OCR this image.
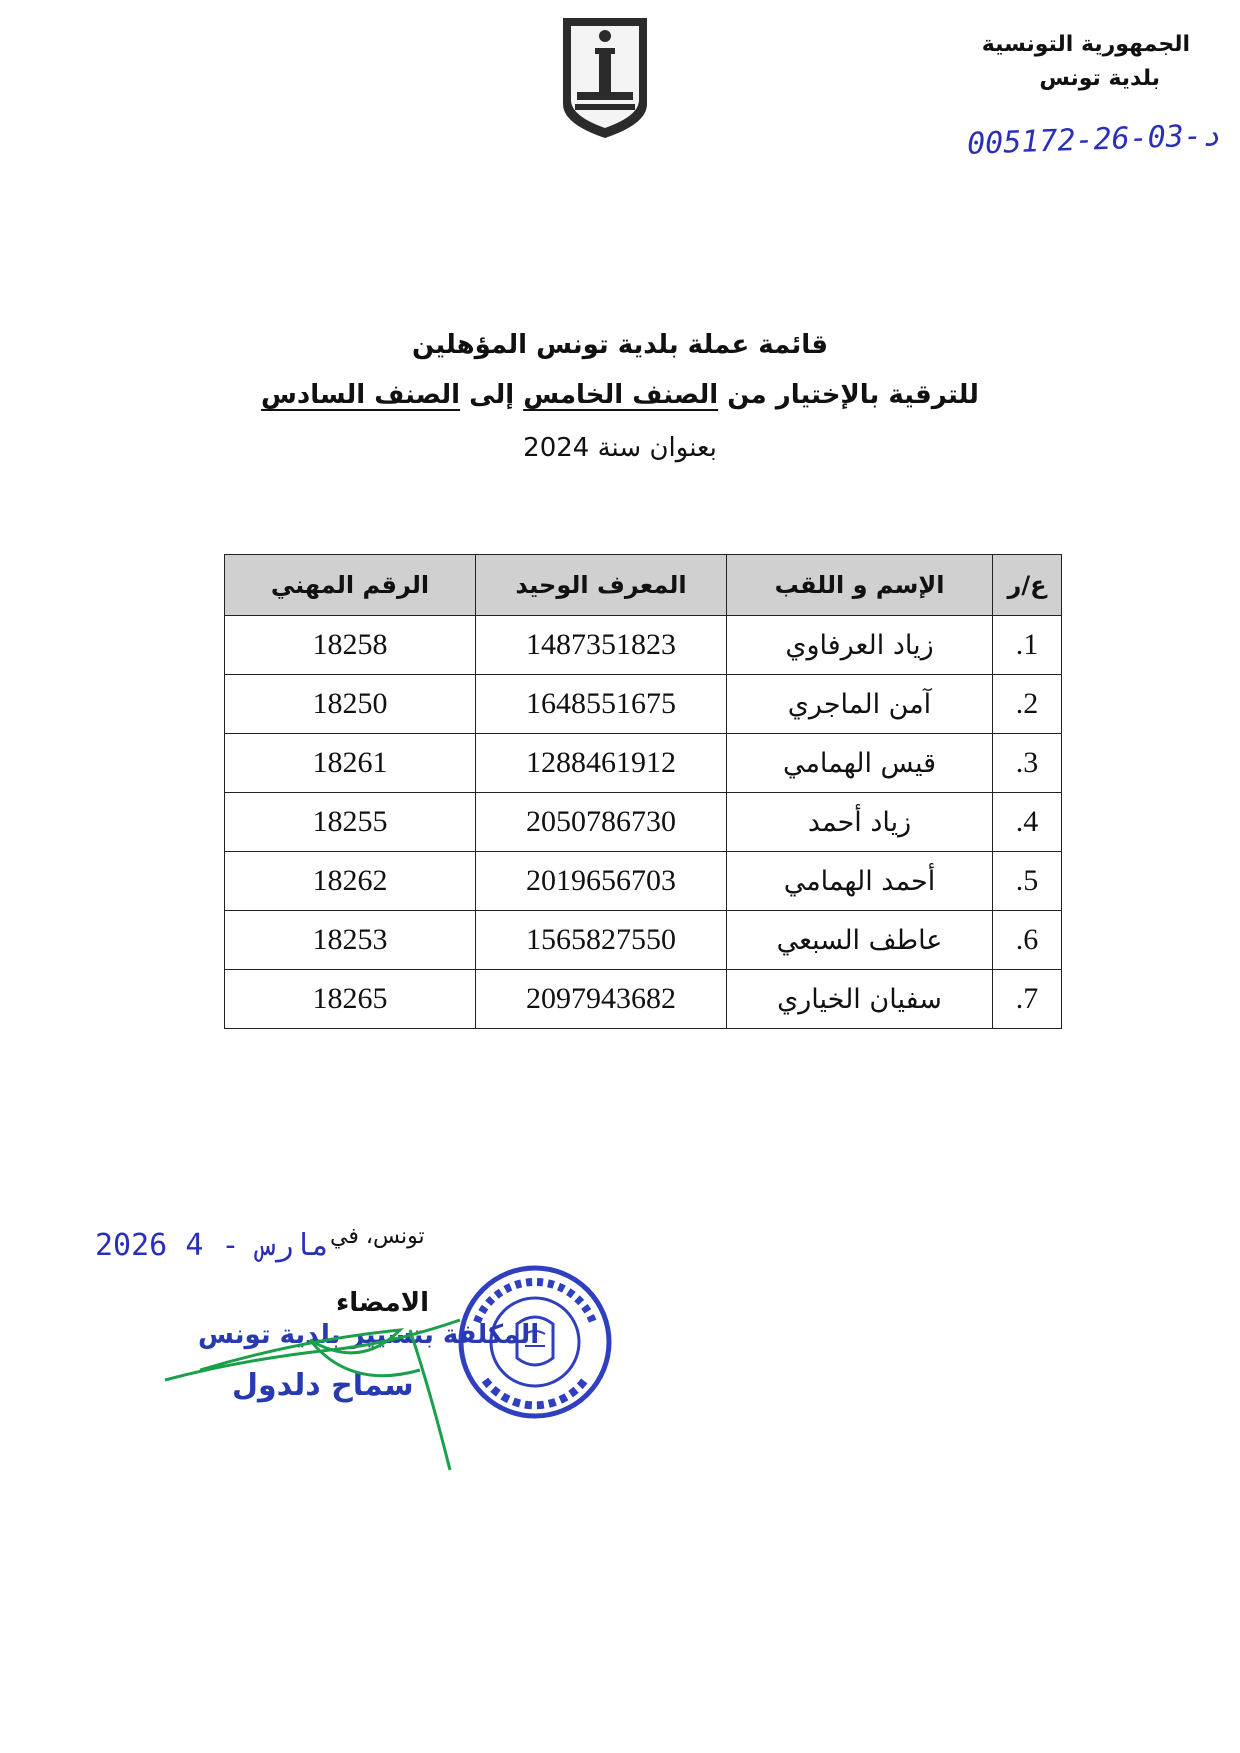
الجمهورية التونسية
بلدية تونس
005172-26-03-د
قائمة عملة بلدية تونس المؤهلين
للترقية بالإختيار من الصنف الخامس إلى الصنف السادس
بعنوان سنة 2024
ع/ر	الإسم و اللقب	المعرف الوحيد	الرقم المهني
1.	زياد العرفاوي	1487351823	18258
2.	آمن الماجري	1648551675	18250
3.	قيس الهمامي	1288461912	18261
4.	زياد أحمد	2050786730	18255
5.	أحمد الهمامي	2019656703	18262
6.	عاطف السبعي	1565827550	18253
7.	سفيان الخياري	2097943682	18265
تونس، في
2026 مارس - 4
الامضاء
المكلفة بتسيير بلدية تونس
سماح دلدول
